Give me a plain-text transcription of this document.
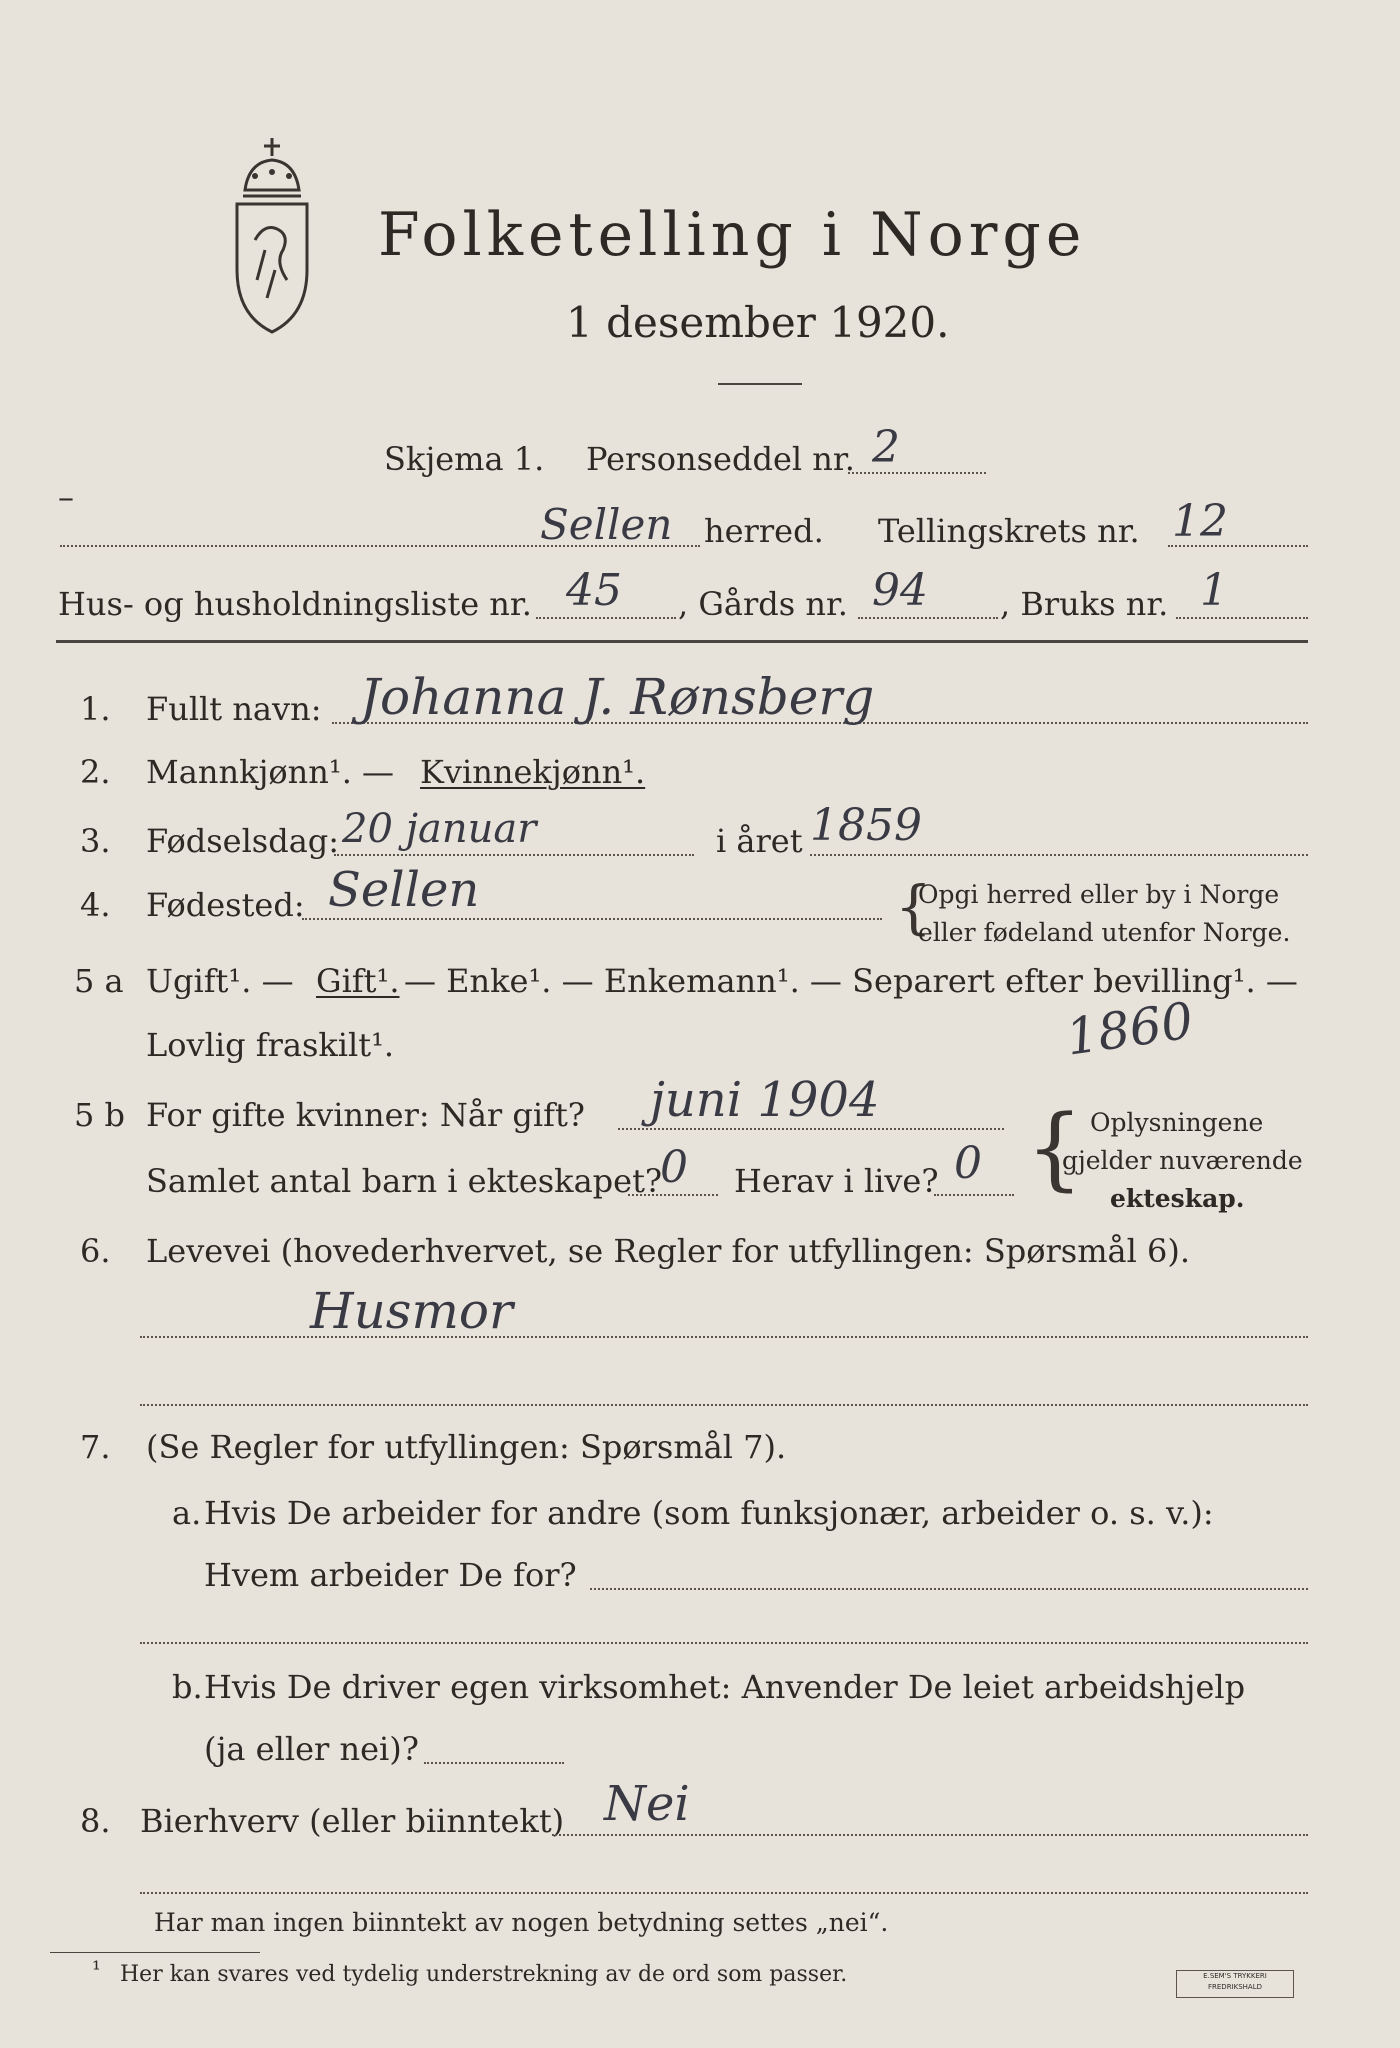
Folketelling i Norge
1 desember 1920.
Skjema 1. Personseddel nr. 2
–
Sellen herred. Tellingskrets nr. 12
Hus- og husholdningsliste nr. 45 , Gårds nr. 94 , Bruks nr. 1
1. Fullt navn: Johanna J. Rønsberg
2. Mannkjønn¹. — Kvinnekjønn¹.
3. Fødselsdag: 20 januar	i året 1859
4. Fødested: Sellen	{
Opgi herred eller by i Norge
eller fødeland utenfor Norge.
5 a Ugift¹. — Gift¹. — Enke¹. — Enkemann¹. — Separert efter bevilling¹. —
Lovlig fraskilt¹.	1860
5 b For gifte kvinner: Når gift? juni 1904
Samlet antal barn i ekteskapet?
0 Herav i live? 0 { Oplysningene
gjelder nuværende
ekteskap.
6. Levevei (hovederhvervet, se Regler for utfyllingen: Spørsmål 6).
Husmor
7. (Se Regler for utfyllingen: Spørsmål 7).
a. Hvis De arbeider for andre (som funksjonær, arbeider o. s. v.):
Hvem arbeider De for?
b. Hvis De driver egen virksomhet: Anvender De leiet arbeidshjelp
(ja eller nei)?
8. Bierhverv (eller biinntekt) Nei
Har man ingen biinntekt av nogen betydning settes „nei“.
¹ Her kan svares ved tydelig understrekning av de ord som passer.	E.SEM'S TRYKKERI
FREDRIKSHALD
